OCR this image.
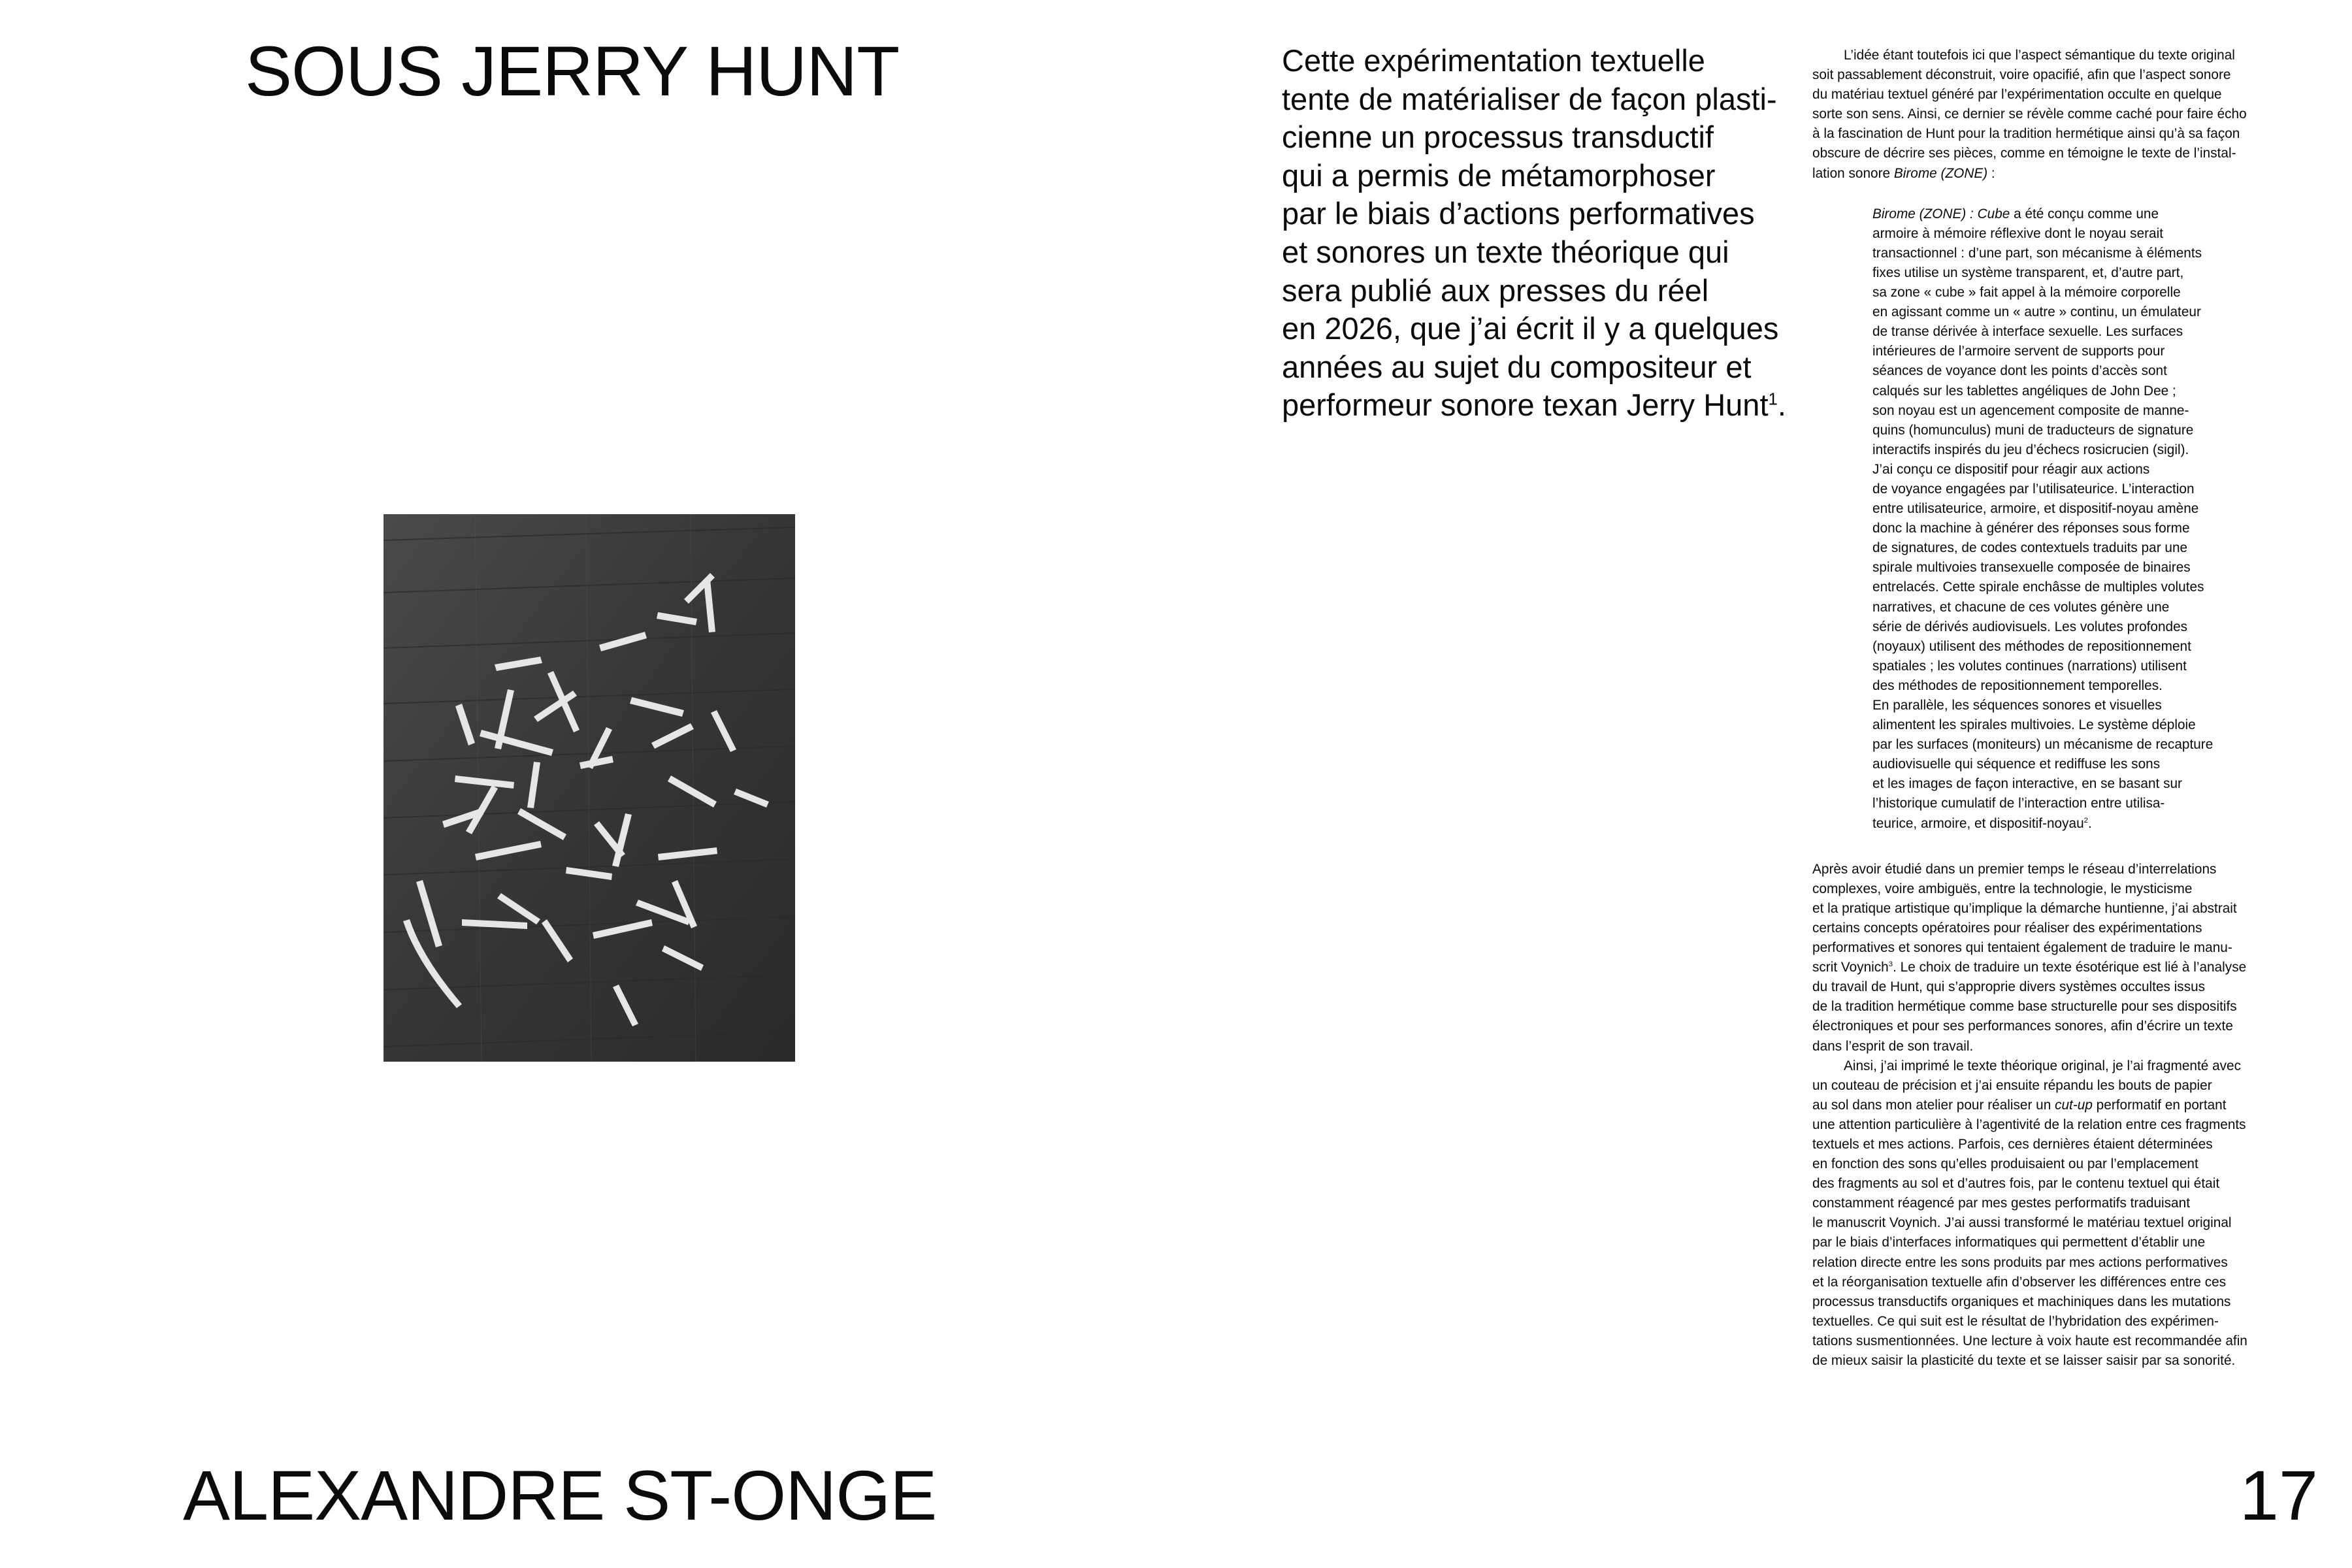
SOUS JERRY HUNT	Cette expérimentation textuelle
tente de matérialiser de façon plasti-
cienne un processus transductif
qui a permis de métamorphoser
par le biais d’actions performatives
et sonores un texte théorique qui
sera publié aux presses du réel
en 2026, que j’ai écrit il y a quelques
années au sujet du compositeur et
performeur sonore texan Jerry Hunt$^1$.
L’idée étant toutefois ici que l’aspect sémantique du texte original
soit passablement déconstruit, voire opacifié, afin que l’aspect sonore
du matériau textuel généré par l’expérimentation occulte en quelque
sorte son sens. Ainsi, ce dernier se révèle comme caché pour faire écho
à la fascination de Hunt pour la tradition hermétique ainsi qu’à sa façon
obscure de décrire ses pièces, comme en témoigne le texte de l’instal-
lation sonore Birome (ZONE) :
Birome (ZONE) : Cube a été conçu comme une
armoire à mémoire réflexive dont le noyau serait
transactionnel : d’une part, son mécanisme à éléments
fixes utilise un système transparent, et, d’autre part,
sa zone « cube » fait appel à la mémoire corporelle
en agissant comme un « autre » continu, un émulateur
de transe dérivée à interface sexuelle. Les surfaces
intérieures de l’armoire servent de supports pour
séances de voyance dont les points d’accès sont
calqués sur les tablettes angéliques de John Dee ;
son noyau est un agencement composite de manne-
quins (homunculus) muni de traducteurs de signature
interactifs inspirés du jeu d’échecs rosicrucien (sigil).
J’ai conçu ce dispositif pour réagir aux actions
de voyance engagées par l’utilisateurice. L’interaction
entre utilisateurice, armoire, et dispositif-noyau amène
donc la machine à générer des réponses sous forme
de signatures, de codes contextuels traduits par une
spirale multivoies transexuelle composée de binaires
entrelacés. Cette spirale enchâsse de multiples volutes
narratives, et chacune de ces volutes génère une
série de dérivés audiovisuels. Les volutes profondes
(noyaux) utilisent des méthodes de repositionnement
spatiales ; les volutes continues (narrations) utilisent
des méthodes de repositionnement temporelles.
En parallèle, les séquences sonores et visuelles
alimentent les spirales multivoies. Le système déploie
par les surfaces (moniteurs) un mécanisme de recapture
audiovisuelle qui séquence et rediffuse les sons
et les images de façon interactive, en se basant sur
l’historique cumulatif de l’interaction entre utilisa-
teurice, armoire, et dispositif-noyau$^2$.
Après avoir étudié dans un premier temps le réseau d’interrelations
complexes, voire ambiguës, entre la technologie, le mysticisme
et la pratique artistique qu’implique la démarche huntienne, j’ai abstrait
certains concepts opératoires pour réaliser des expérimentations
performatives et sonores qui tentaient également de traduire le manu-
scrit Voynich$^3$. Le choix de traduire un texte ésotérique est lié à l’analyse
du travail de Hunt, qui s’approprie divers systèmes occultes issus
de la tradition hermétique comme base structurelle pour ses dispositifs
électroniques et pour ses performances sonores, afin d’écrire un texte
dans l’esprit de son travail.
Ainsi, j’ai imprimé le texte théorique original, je l’ai fragmenté avec
un couteau de précision et j’ai ensuite répandu les bouts de papier
au sol dans mon atelier pour réaliser un cut-up performatif en portant
une attention particulière à l’agentivité de la relation entre ces fragments
textuels et mes actions. Parfois, ces dernières étaient déterminées
en fonction des sons qu’elles produisaient ou par l’emplacement
des fragments au sol et d’autres fois, par le contenu textuel qui était
constamment réagencé par mes gestes performatifs traduisant
le manuscrit Voynich. J’ai aussi transformé le matériau textuel original
par le biais d’interfaces informatiques qui permettent d’établir une
relation directe entre les sons produits par mes actions performatives
et la réorganisation textuelle afin d’observer les différences entre ces
processus transductifs organiques et machiniques dans les mutations
textuelles. Ce qui suit est le résultat de l’hybridation des expérimen-
tations susmentionnées. Une lecture à voix haute est recommandée afin
de mieux saisir la plasticité du texte et se laisser saisir par sa sonorité.
ALEXANDRE ST-ONGE	17
